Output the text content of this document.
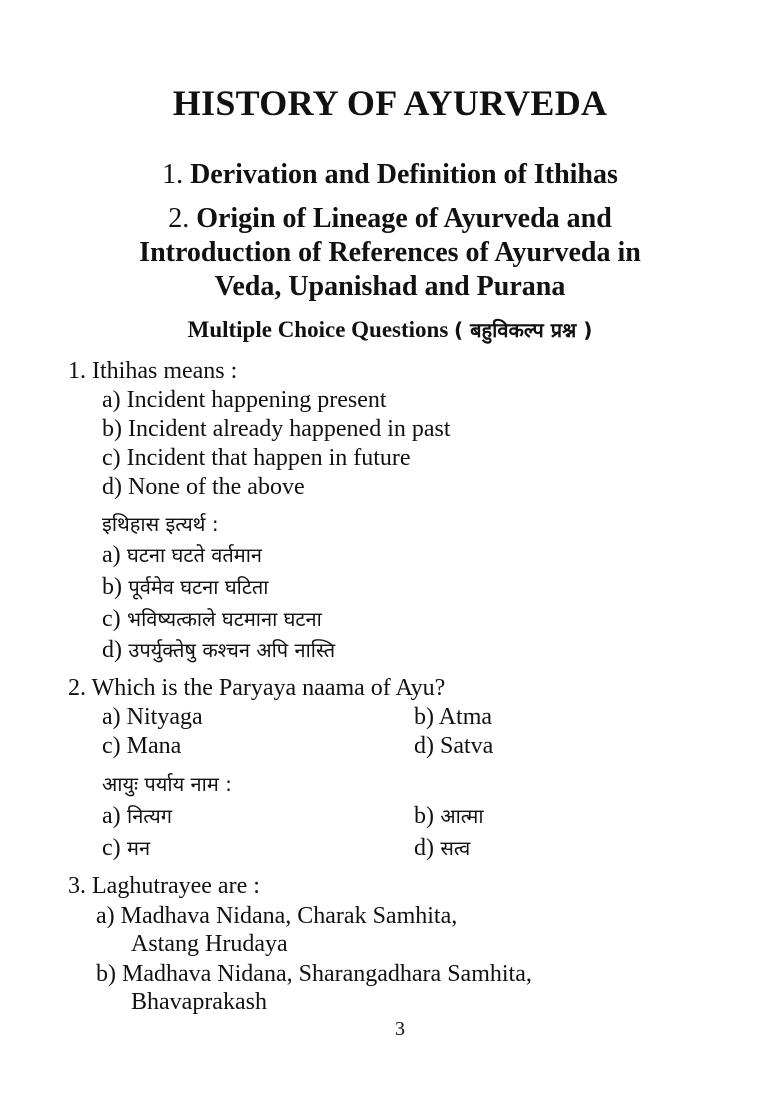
HISTORY OF AYURVEDA
1. Derivation and Definition of Ithihas
2. Origin of Lineage of Ayurveda and
Introduction of References of Ayurveda in
Veda, Upanishad and Purana
Multiple Choice Questions ( बहुविकल्प प्रश्न )
1. Ithihas means :
a) Incident happening present
b) Incident already happened in past
c) Incident that happen in future
d) None of the above
इथिहास इत्यर्थ :
a) घटना घटते वर्तमान
b) पूर्वमेव घटना घटिता
c) भविष्यत्काले घटमाना घटना
d) उपर्युक्तेषु कश्चन अपि नास्ति
2. Which is the Paryaya naama of Ayu?
a) Nityaga	b) Atma
c) Mana	d) Satva
आयुः पर्याय नाम :
a) नित्यग	b) आत्मा
c) मन	d) सत्व
3. Laghutrayee are :
a) Madhava Nidana, Charak Samhita,
Astang Hrudaya
b) Madhava Nidana, Sharangadhara Samhita,
Bhavaprakash
3
